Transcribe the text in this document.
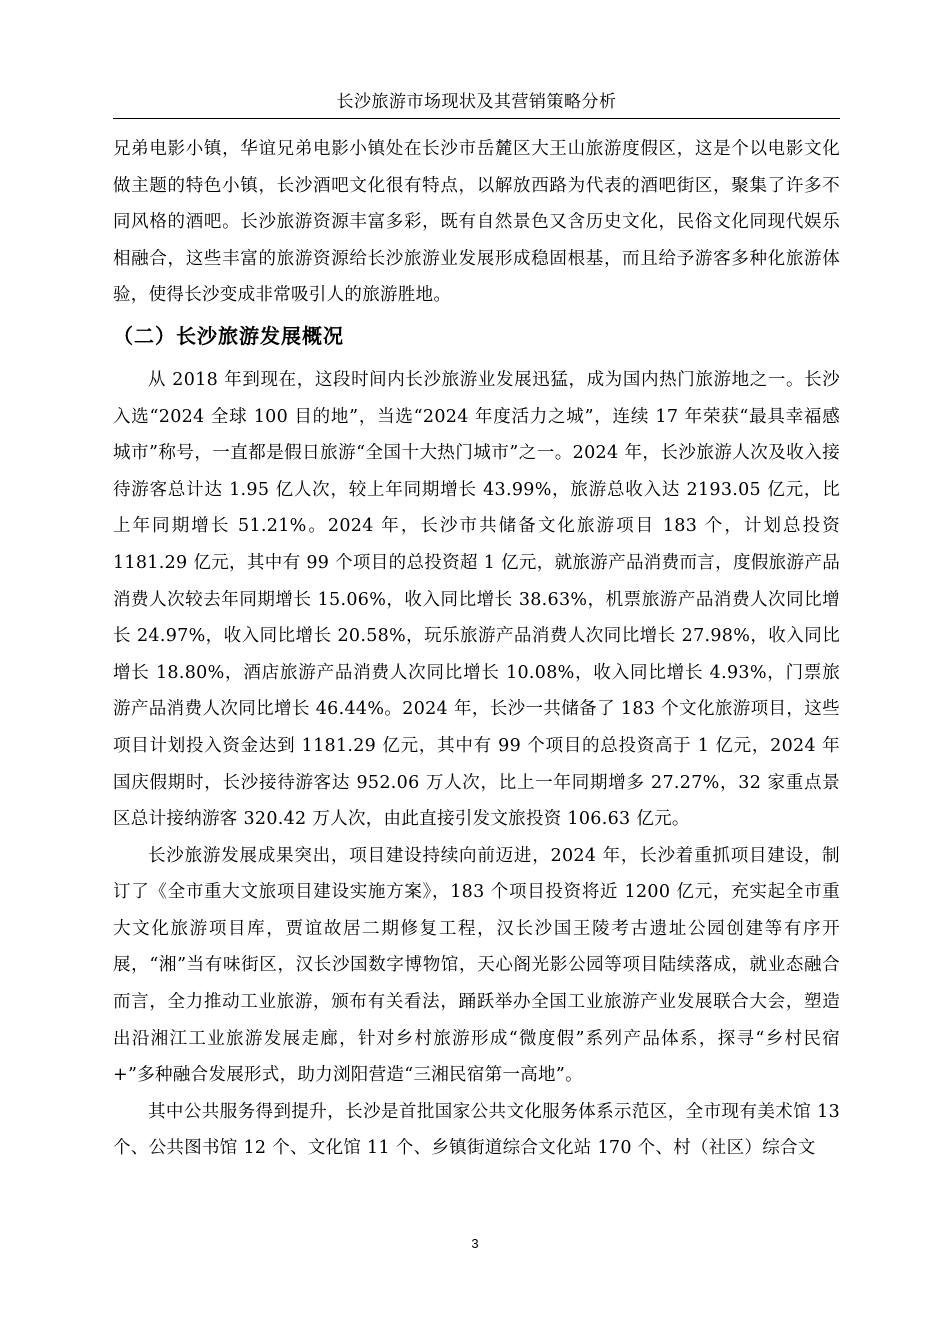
长沙旅游市场现状及其营销策略分析

兄弟电影小镇，华谊兄弟电影小镇处在长沙市岳麓区大王山旅游度假区，这是个以电影文化做主题的特色小镇，长沙酒吧文化很有特点，以解放西路为代表的酒吧街区，聚集了许多不同风格的酒吧。长沙旅游资源丰富多彩，既有自然景色又含历史文化，民俗文化同现代娱乐相融合，这些丰富的旅游资源给长沙旅游业发展形成稳固根基，而且给予游客多种化旅游体验，使得长沙变成非常吸引人的旅游胜地。

（二）长沙旅游发展概况

从 2018 年到现在，这段时间内长沙旅游业发展迅猛，成为国内热门旅游地之一。长沙入选“2024 全球 100 目的地”，当选“2024 年度活力之城”，连续 17 年荣获“最具幸福感城市”称号，一直都是假日旅游“全国十大热门城市”之一。2024 年，长沙旅游人次及收入接待游客总计达 1.95 亿人次，较上年同期增长 43.99%，旅游总收入达 2193.05 亿元，比上年同期增长 51.21%。2024 年，长沙市共储备文化旅游项目 183 个，计划总投资 1181.29 亿元，其中有 99 个项目的总投资超 1 亿元，就旅游产品消费而言，度假旅游产品消费人次较去年同期增长 15.06%，收入同比增长 38.63%，机票旅游产品消费人次同比增长 24.97%，收入同比增长 20.58%，玩乐旅游产品消费人次同比增长 27.98%，收入同比增长 18.80%，酒店旅游产品消费人次同比增长 10.08%，收入同比增长 4.93%，门票旅游产品消费人次同比增长 46.44%。2024 年，长沙一共储备了 183 个文化旅游项目，这些项目计划投入资金达到 1181.29 亿元，其中有 99 个项目的总投资高于 1 亿元，2024 年国庆假期时，长沙接待游客达 952.06 万人次，比上一年同期增多 27.27%，32 家重点景区总计接纳游客 320.42 万人次，由此直接引发文旅投资 106.63 亿元。

长沙旅游发展成果突出，项目建设持续向前迈进，2024 年，长沙着重抓项目建设，制订了《全市重大文旅项目建设实施方案》，183 个项目投资将近 1200 亿元，充实起全市重大文化旅游项目库，贾谊故居二期修复工程，汉长沙国王陵考古遗址公园创建等有序开展，“湘”当有味街区，汉长沙国数字博物馆，天心阁光影公园等项目陆续落成，就业态融合而言，全力推动工业旅游，颁布有关看法，踊跃举办全国工业旅游产业发展联合大会，塑造出沿湘江工业旅游发展走廊，针对乡村旅游形成“微度假”系列产品体系，探寻“乡村民宿+”多种融合发展形式，助力浏阳营造“三湘民宿第一高地”。

其中公共服务得到提升，长沙是首批国家公共文化服务体系示范区，全市现有美术馆 13 个、公共图书馆 12 个、文化馆 11 个、乡镇街道综合文化站 170 个、村（社区）综合文

3
